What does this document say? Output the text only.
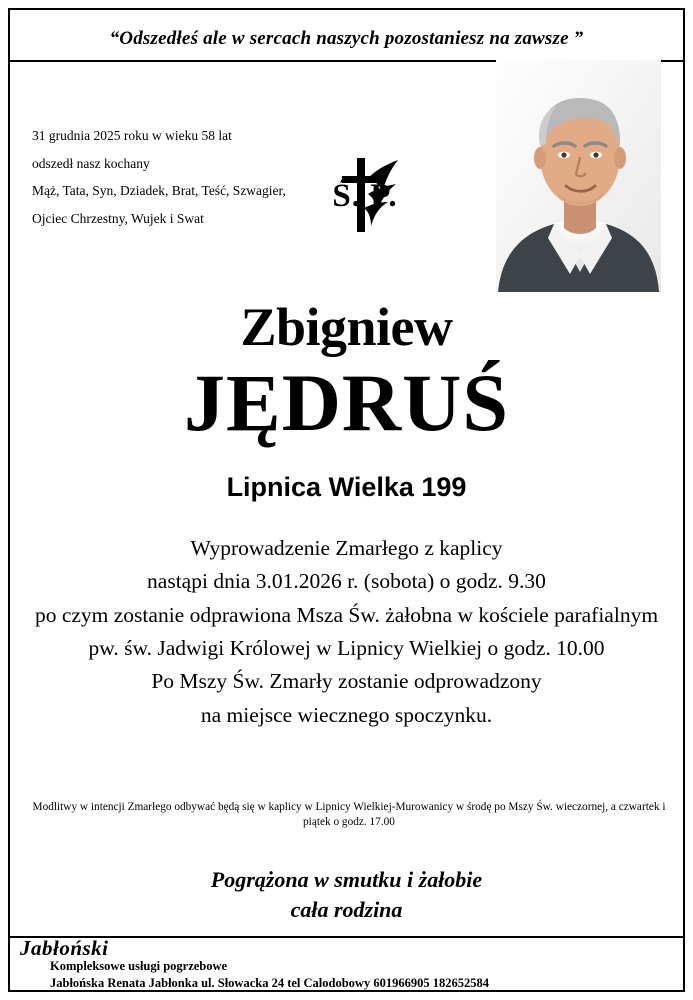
“Odszedłeś ale w sercach naszych pozostaniesz na zawsze ”
31 grudnia 2025 roku w wieku 58 lat
odszedł nasz kochany
Mąż, Tata, Syn, Dziadek, Brat, Teść, Szwagier,
Ojciec Chrzestny, Wujek i Swat
Ś. P.
Zbigniew
JĘDRUŚ
Lipnica Wielka 199
Wyprowadzenie Zmarłego z kaplicy
nastąpi dnia 3.01.2026 r. (sobota) o godz. 9.30
po czym zostanie odprawiona Msza Św. żałobna w kościele parafialnym
pw. św. Jadwigi Królowej w Lipnicy Wielkiej o godz. 10.00
Po Mszy Św. Zmarły zostanie odprowadzony
na miejsce wiecznego spoczynku.
Modlitwy w intencji Zmarłego odbywać będą się w kaplicy w Lipnicy Wielkiej-Murowanicy w środę po Mszy Św. wieczornej, a czwartek i piątek o godz. 17.00
Pogrążona w smutku i żałobie
cała rodzina
Jabłoński
Kompleksowe usługi pogrzebowe
Jabłońska Renata Jabłonka ul. Słowacka 24 tel Calodobowy 601966905 182652584
